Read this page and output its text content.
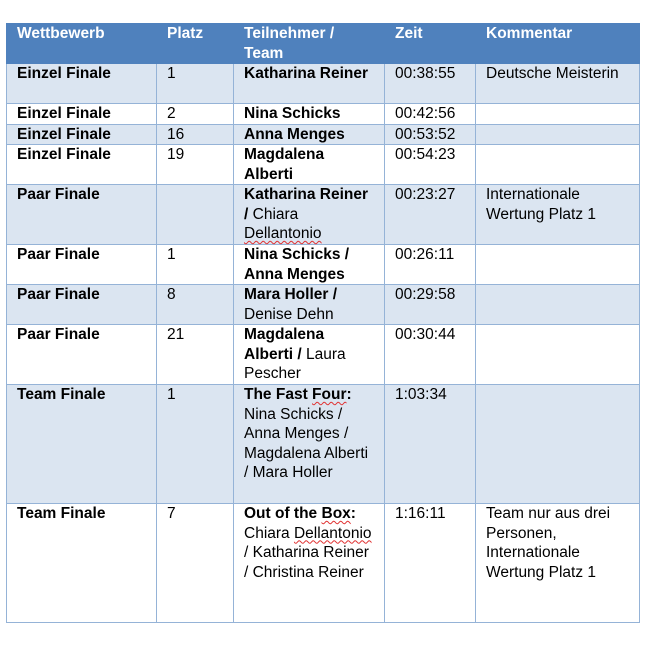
Wettbewerb	Platz	Teilnehmer / Team	Zeit	Kommentar
Einzel Finale	1	Katharina Reiner	00:38:55	Deutsche Meisterin
Einzel Finale	2	Nina Schicks	00:42:56	
Einzel Finale	16	Anna Menges	00:53:52	
Einzel Finale	19	Magdalena Alberti	00:54:23	
Paar Finale		Katharina Reiner / Chiara Dellantonio	00:23:27	Internationale Wertung Platz 1
Paar Finale	1	Nina Schicks / Anna Menges	00:26:11	
Paar Finale	8	Mara Holler / Denise Dehn	00:29:58	
Paar Finale	21	Magdalena Alberti / Laura Pescher	00:30:44	
Team Finale	1	The Fast Four: Nina Schicks / Anna Menges / Magdalena Alberti / Mara Holler	1:03:34	
Team Finale	7	Out of the Box: Chiara Dellantonio / Katharina Reiner / Christina Reiner	1:16:11	Team nur aus drei Personen, Internationale Wertung Platz 1
